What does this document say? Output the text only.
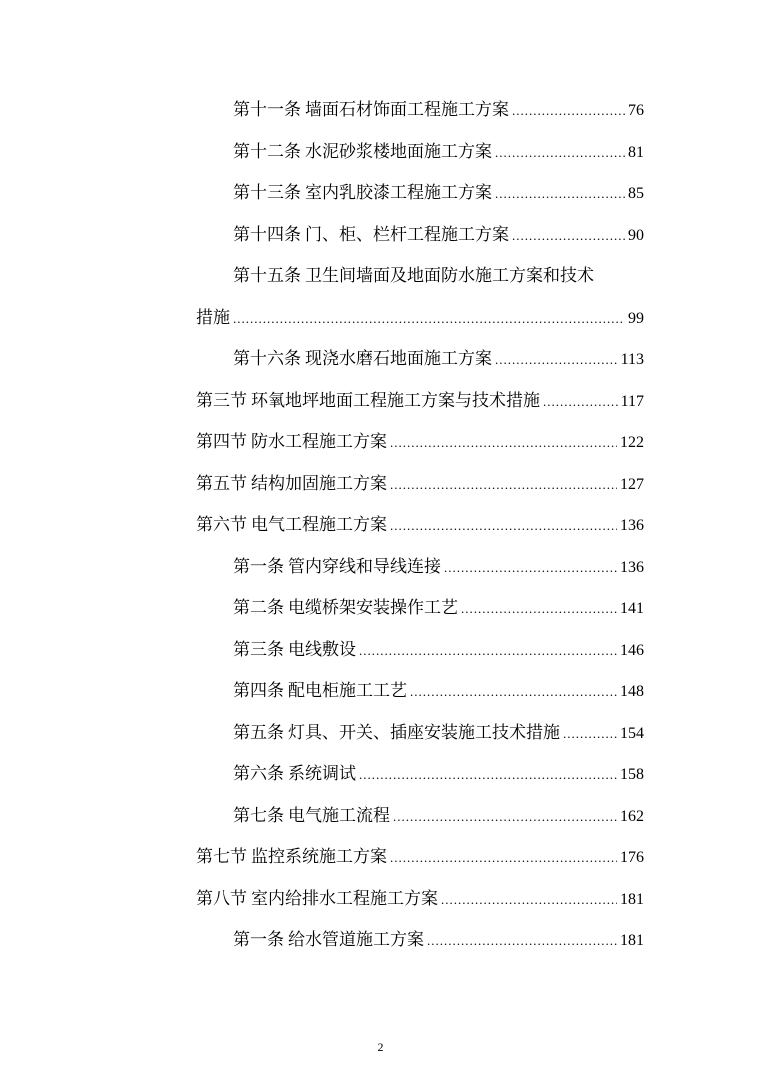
第十一条 墙面石材饰面工程施工方案 .....	76
第十二条 水泥砂浆楼地面施工方案 .....	81
第十三条 室内乳胶漆工程施工方案 .....	85
第十四条 门、柜、栏杆工程施工方案 .....	90
第十五条 卫生间墙面及地面防水施工方案和技术
措施 .....	99
第十六条 现浇水磨石地面施工方案 .....	113
第三节 环氧地坪地面工程施工方案与技术措施 .....	117
第四节 防水工程施工方案 .....	122
第五节 结构加固施工方案 .....	127
第六节 电气工程施工方案 .....	136
第一条 管内穿线和导线连接 .....	136
第二条 电缆桥架安装操作工艺 .....	141
第三条 电线敷设 .....	146
第四条 配电柜施工工艺 .....	148
第五条 灯具、开关、插座安装施工技术措施 .....	154
第六条 系统调试 .....	158
第七条 电气施工流程 .....	162
第七节 监控系统施工方案 .....	176
第八节 室内给排水工程施工方案 .....	181
第一条 给水管道施工方案 .....	181
2
